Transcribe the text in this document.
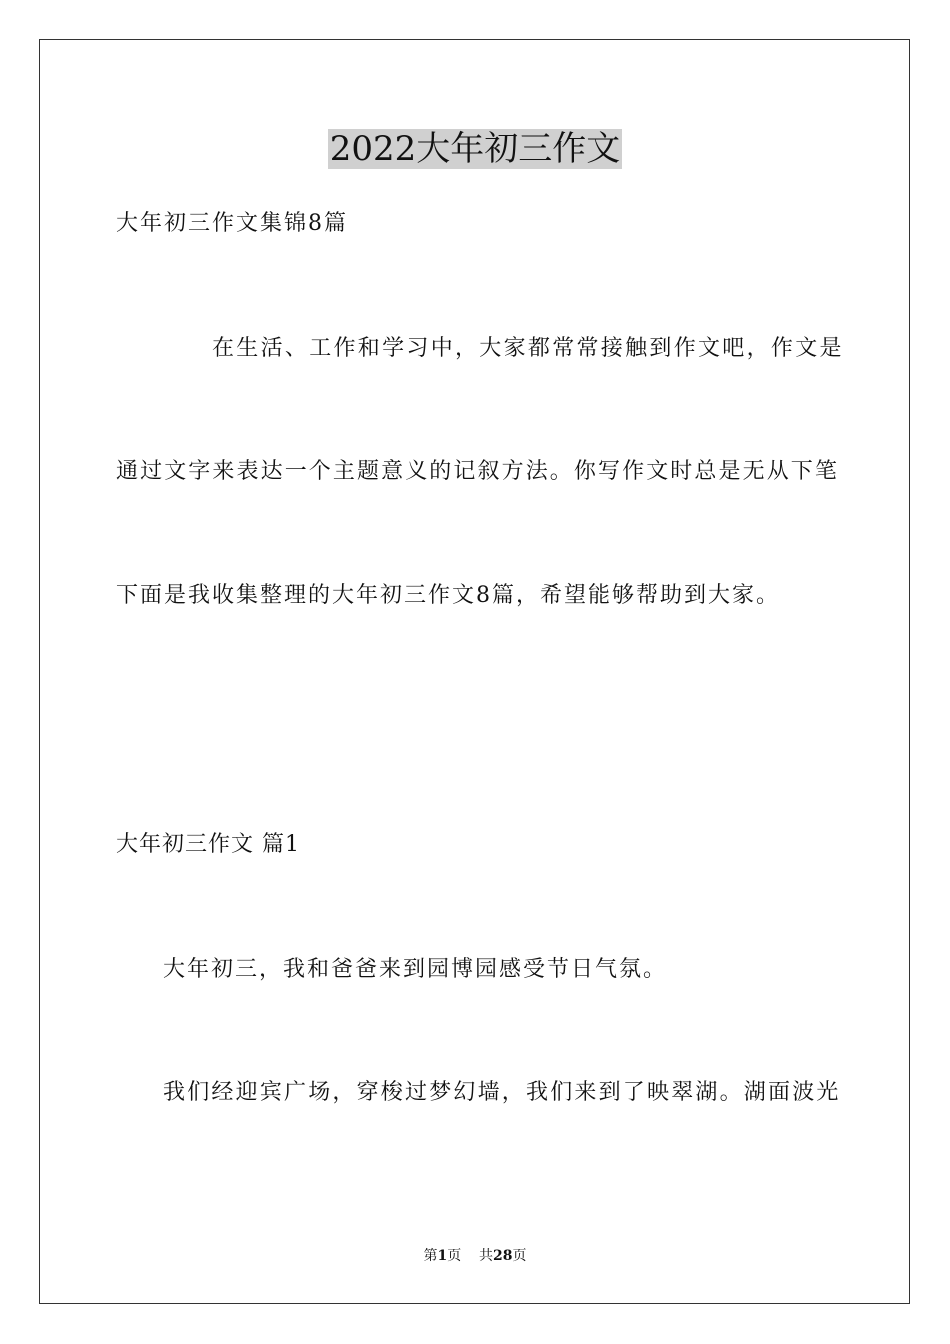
2022大年初三作文
大年初三作文集锦8篇
在生活、工作和学习中，大家都常常接触到作文吧，作文是
通过文字来表达一个主题意义的记叙方法。你写作文时总是无从下笔
下面是我收集整理的大年初三作文8篇，希望能够帮助到大家。
大年初三作文 篇1
大年初三，我和爸爸来到园博园感受节日气氛。
我们经迎宾广场，穿梭过梦幻墙，我们来到了映翠湖。湖面波光
第1页 共28页
